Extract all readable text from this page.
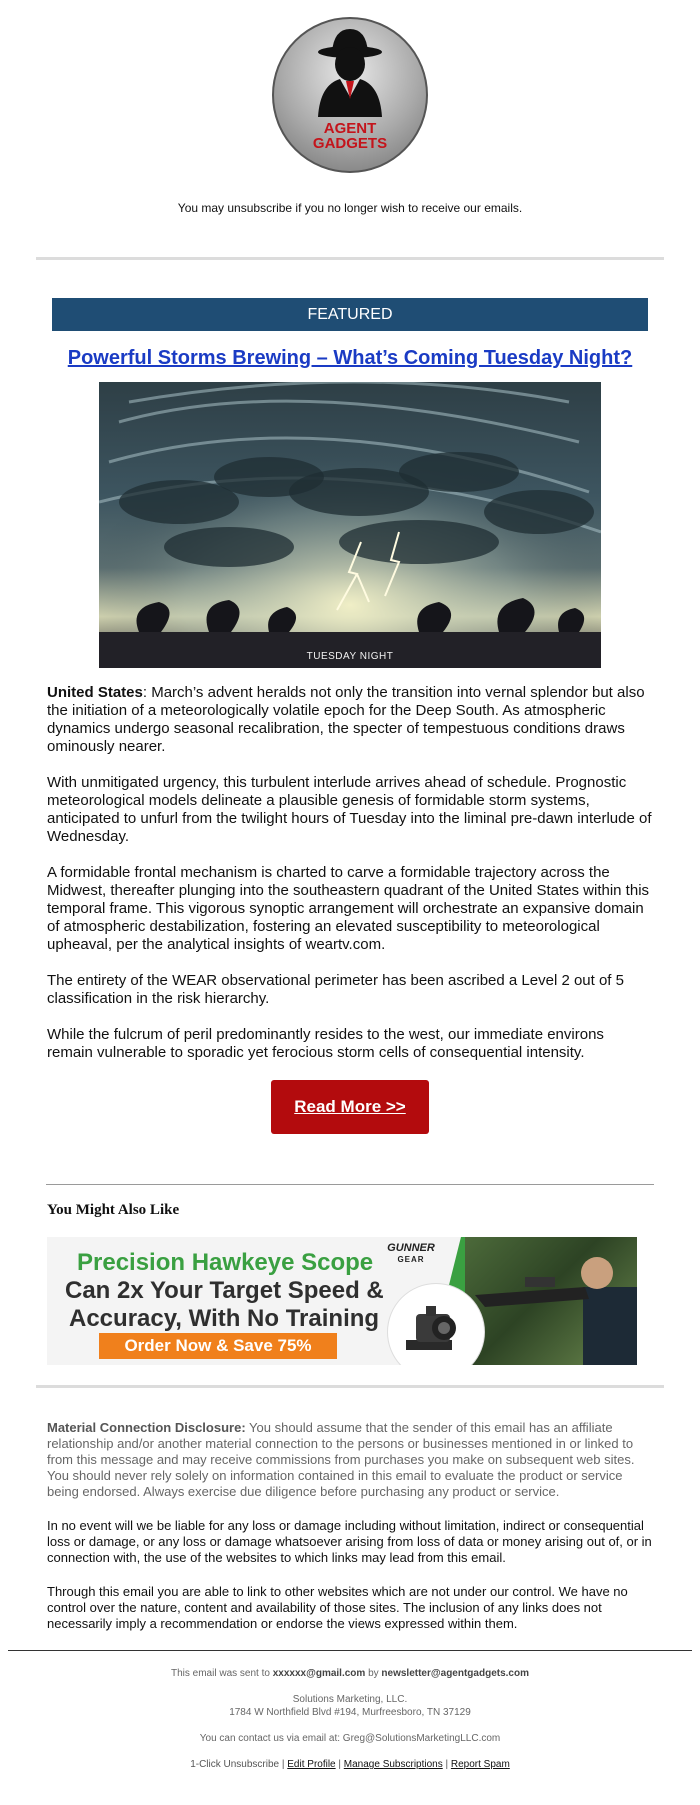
AGENT
GADGETS
You may unsubscribe if you no longer wish to receive our emails.
FEATURED
Powerful Storms Brewing – What’s Coming Tuesday Night?
TUESDAY NIGHT

United States: March’s advent heralds not only the transition into vernal splendor but also the initiation of a meteorologically volatile epoch for the Deep South. As atmospheric dynamics undergo seasonal recalibration, the specter of tempestuous conditions draws ominously nearer.

With unmitigated urgency, this turbulent interlude arrives ahead of schedule. Prognostic meteorological models delineate a plausible genesis of formidable storm systems, anticipated to unfurl from the twilight hours of Tuesday into the liminal pre-dawn interlude of Wednesday.

A formidable frontal mechanism is charted to carve a formidable trajectory across the Midwest, thereafter plunging into the southeastern quadrant of the United States within this temporal frame. This vigorous synoptic arrangement will orchestrate an expansive domain of atmospheric destabilization, fostering an elevated susceptibility to meteorological upheaval, per the analytical insights of weartv.com.

The entirety of the WEAR observational perimeter has been ascribed a Level 2 out of 5 classification in the risk hierarchy.

While the fulcrum of peril predominantly resides to the west, our immediate environs remain vulnerable to sporadic yet ferocious storm cells of consequential intensity.

Read More >>
You Might Also Like
Precision Hawkeye Scope
Can 2x Your Target Speed &
Accuracy, With No Training
Order Now & Save 75%
GUNNER
GEAR
Material Connection Disclosure: You should assume that the sender of this email has an affiliate relationship and/or another material connection to the persons or businesses mentioned in or linked to from this message and may receive commissions from purchases you make on subsequent web sites. You should never rely solely on information contained in this email to evaluate the product or service being endorsed. Always exercise due diligence before purchasing any product or service.

In no event will we be liable for any loss or damage including without limitation, indirect or consequential loss or damage, or any loss or damage whatsoever arising from loss of data or money arising out of, or in connection with, the use of the websites to which links may lead from this email.

Through this email you are able to link to other websites which are not under our control. We have no control over the nature, content and availability of those sites. The inclusion of any links does not necessarily imply a recommendation or endorse the views expressed within them.

This email was sent to xxxxxx@gmail.com by newsletter@agentgadgets.com
Solutions Marketing, LLC.
1784 W Northfield Blvd #194, Murfreesboro, TN 37129
You can contact us via email at: Greg@SolutionsMarketingLLC.com
1-Click Unsubscribe | Edit Profile | Manage Subscriptions | Report Spam
